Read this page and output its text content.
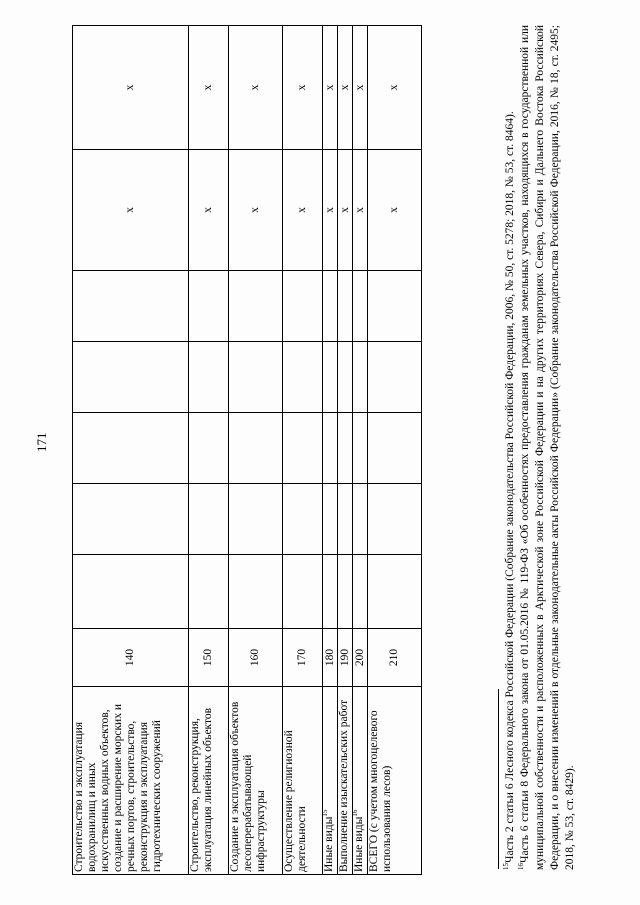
171
Строительство и эксплуатация водохранилищ и иных искусственных водных объектов, создание и расширение морских и речных портов, строительство, реконструкция и эксплуатация гидротехнических сооружений	140						x	x
Строительство, реконструкция, эксплуатация линейных объектов	150						x	x
Создание и эксплуатация объектов лесоперерабатывающей инфраструктуры	160						x	x
Осуществление религиозной деятельности	170						x	x
Иные виды$^{15}$	180						x	x
Выполнение изыскательских работ	190						x	x
Иные виды$^{16}$	200						x	x
ВСЕГО (с учетом многоцелевого использования лесов)	210						x	x

$^{15}$Часть 2 статьи 6 Лесного кодекса Российской Федерации (Собрание законодательства Российской Федерации, 2006, № 50, ст. 5278; 2018, № 53, ст. 8464).

$^{16}$Часть 6 статьи 8 Федерального закона от 01.05.2016 № 119-ФЗ «Об особенностях предоставления гражданам земельных участков, находящихся в государственной или муниципальной собственности и расположенных в Арктической зоне Российской Федерации и на других территориях Севера, Сибири и Дальнего Востока Российской Федерации, и о внесении изменений в отдельные законодательные акты Российской Федерации» (Собрание законодательства Российской Федерации, 2016, № 18, ст. 2495; 2018, № 53, ст. 8429).
